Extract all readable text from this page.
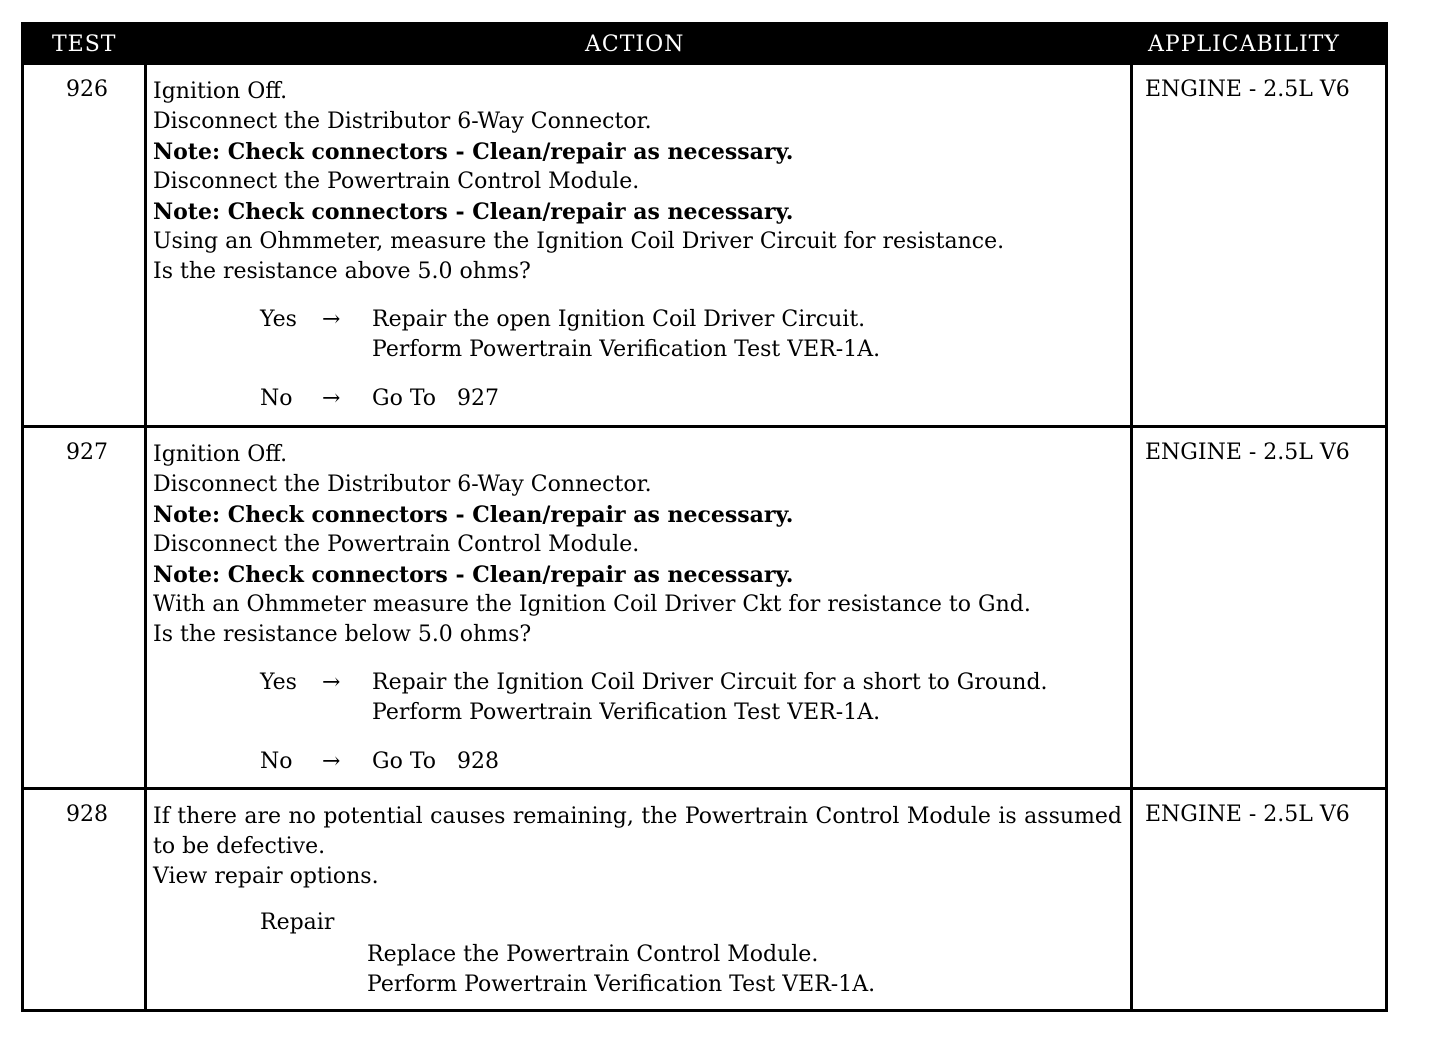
TEST	ACTION	APPLICABILITY
926 Ignition Off.
Disconnect the Distributor 6-Way Connector.
Note: Check connectors - Clean/repair as necessary.
Disconnect the Powertrain Control Module.
Note: Check connectors - Clean/repair as necessary.
Using an Ohmmeter, measure the Ignition Coil Driver Circuit for resistance.
Is the resistance above 5.0 ohms?
Yes → Repair the open Ignition Coil Driver Circuit.
Perform Powertrain Verification Test VER-1A.
No → Go To   927
ENGINE - 2.5L V6
927 Ignition Off.
Disconnect the Distributor 6-Way Connector.
Note: Check connectors - Clean/repair as necessary.
Disconnect the Powertrain Control Module.
Note: Check connectors - Clean/repair as necessary.
With an Ohmmeter measure the Ignition Coil Driver Ckt for resistance to Gnd.
Is the resistance below 5.0 ohms?
Yes → Repair the Ignition Coil Driver Circuit for a short to Ground.
Perform Powertrain Verification Test VER-1A.
No → Go To   928
ENGINE - 2.5L V6
928 If there are no potential causes remaining, the Powertrain Control Module is assumed to be defective.
View repair options.
Repair
Replace the Powertrain Control Module.
Perform Powertrain Verification Test VER-1A.
ENGINE - 2.5L V6
